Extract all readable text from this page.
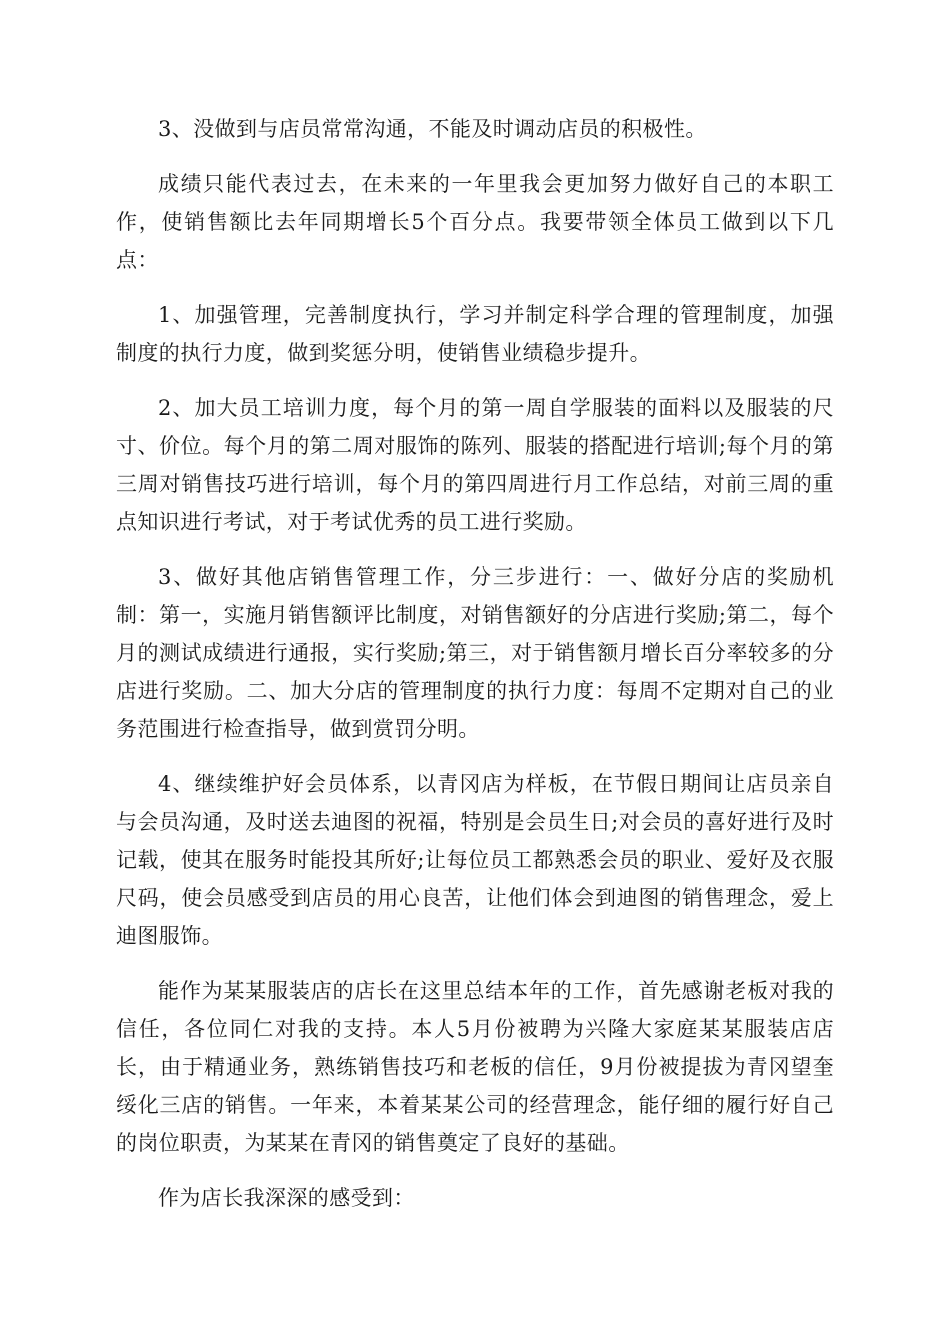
3、没做到与店员常常沟通，不能及时调动店员的积极性。

成绩只能代表过去，在未来的一年里我会更加努力做好自己的本职工作，使销售额比去年同期增长5个百分点。我要带领全体员工做到以下几点：

1、加强管理，完善制度执行，学习并制定科学合理的管理制度，加强制度的执行力度，做到奖惩分明，使销售业绩稳步提升。

2、加大员工培训力度，每个月的第一周自学服装的面料以及服装的尺寸、价位。每个月的第二周对服饰的陈列、服装的搭配进行培训;每个月的第三周对销售技巧进行培训，每个月的第四周进行月工作总结，对前三周的重点知识进行考试，对于考试优秀的员工进行奖励。

3、做好其他店销售管理工作，分三步进行：一、做好分店的奖励机制：第一，实施月销售额评比制度，对销售额好的分店进行奖励;第二，每个月的测试成绩进行通报，实行奖励;第三，对于销售额月增长百分率较多的分店进行奖励。二、加大分店的管理制度的执行力度：每周不定期对自己的业务范围进行检查指导，做到赏罚分明。

4、继续维护好会员体系，以青冈店为样板，在节假日期间让店员亲自与会员沟通，及时送去迪图的祝福，特别是会员生日;对会员的喜好进行及时记载，使其在服务时能投其所好;让每位员工都熟悉会员的职业、爱好及衣服尺码，使会员感受到店员的用心良苦，让他们体会到迪图的销售理念，爱上迪图服饰。

能作为某某服装店的店长在这里总结本年的工作，首先感谢老板对我的信任，各位同仁对我的支持。本人5月份被聘为兴隆大家庭某某服装店店长，由于精通业务，熟练销售技巧和老板的信任，9月份被提拔为青冈望奎绥化三店的销售。一年来，本着某某公司的经营理念，能仔细的履行好自己的岗位职责，为某某在青冈的销售奠定了良好的基础。

作为店长我深深的感受到：
